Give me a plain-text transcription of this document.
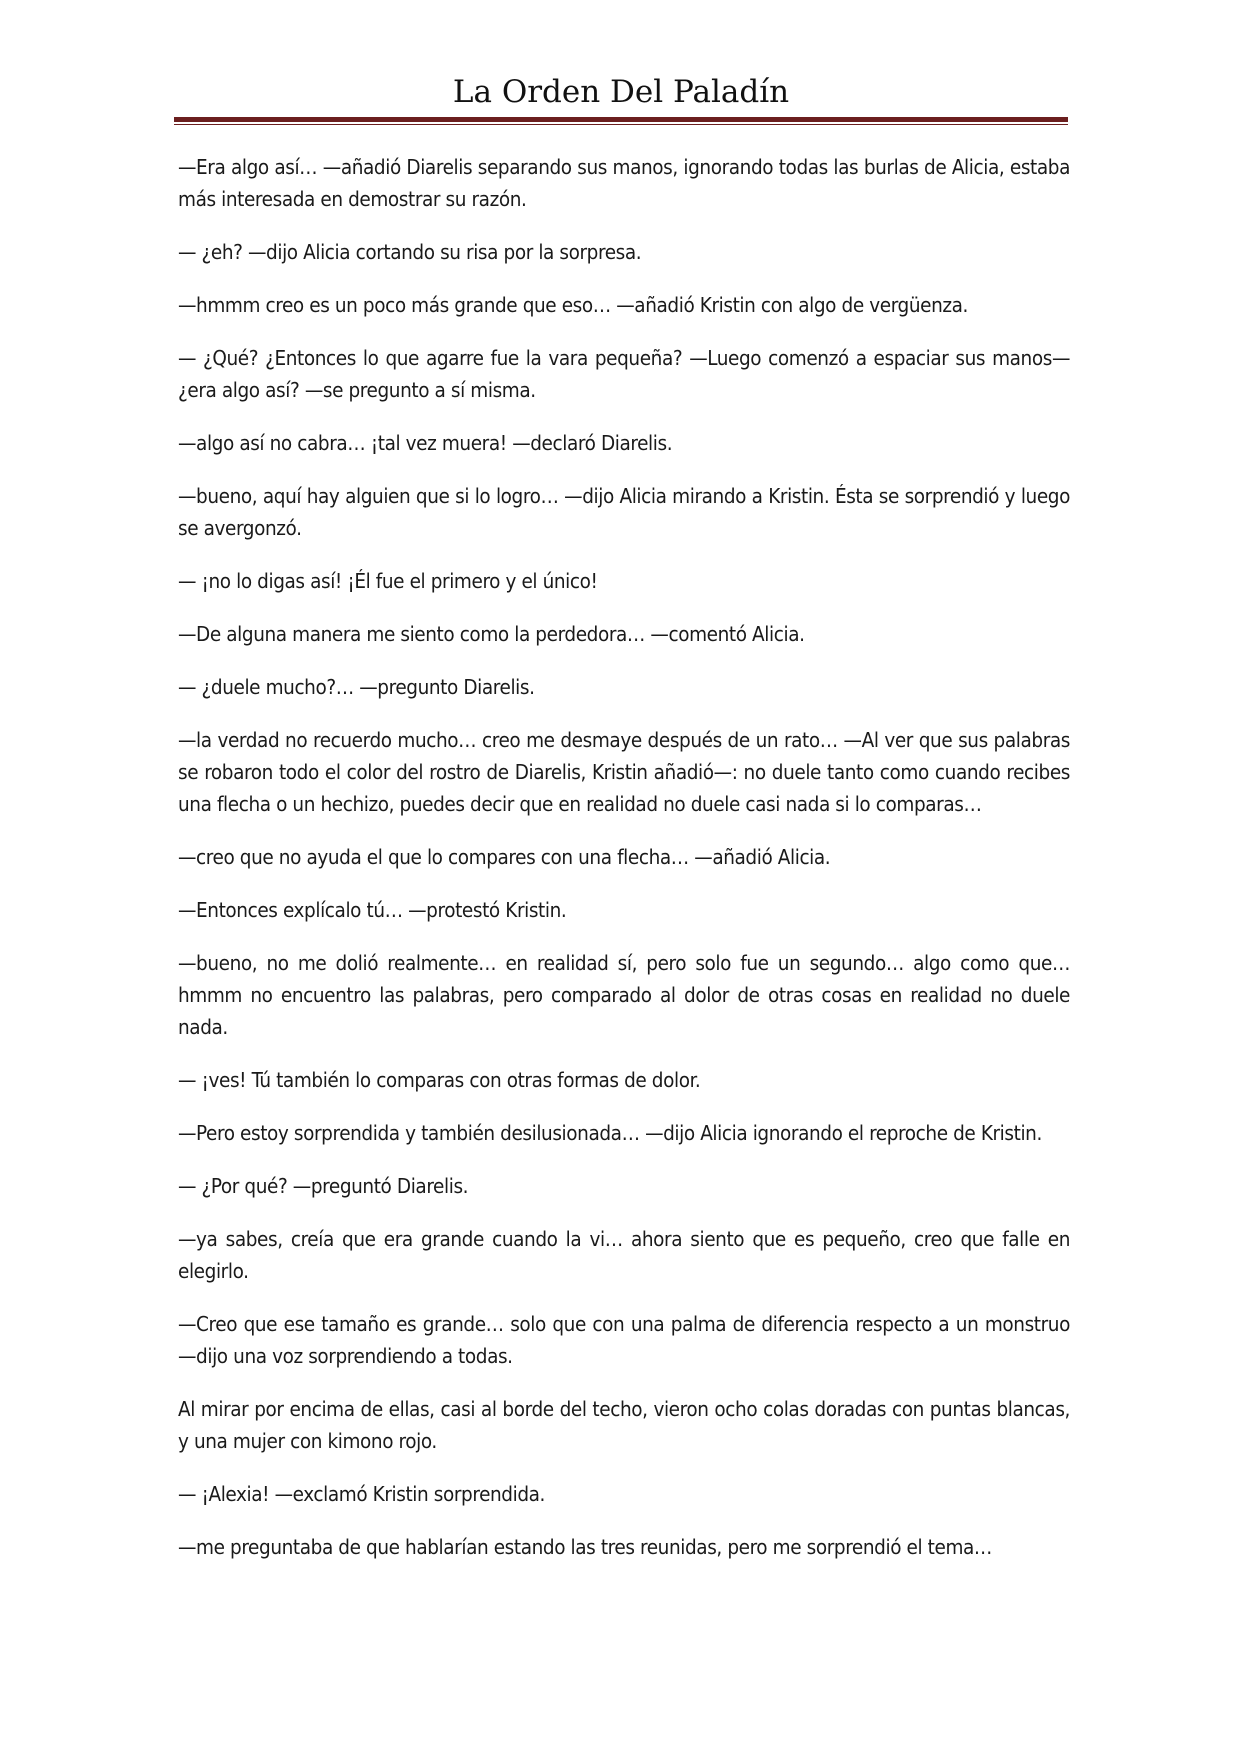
La Orden Del Paladín

—Era algo así… —añadió Diarelis separando sus manos, ignorando todas las burlas de Alicia, estaba más interesada en demostrar su razón.

— ¿eh? —dijo Alicia cortando su risa por la sorpresa.

—hmmm creo es un poco más grande que eso… —añadió Kristin con algo de vergüenza.

— ¿Qué? ¿Entonces lo que agarre fue la vara pequeña? —Luego comenzó a espaciar sus manos— ¿era algo así? —se pregunto a sí misma.

—algo así no cabra… ¡tal vez muera! —declaró Diarelis.

—bueno, aquí hay alguien que si lo logro… —dijo Alicia mirando a Kristin. Ésta se sorprendió y luego se avergonzó.

— ¡no lo digas así! ¡Él fue el primero y el único!

—De alguna manera me siento como la perdedora… —comentó Alicia.

— ¿duele mucho?… —pregunto Diarelis.

—la verdad no recuerdo mucho… creo me desmaye después de un rato… —Al ver que sus palabras se robaron todo el color del rostro de Diarelis, Kristin añadió—: no duele tanto como cuando recibes una flecha o un hechizo, puedes decir que en realidad no duele casi nada si lo comparas…

—creo que no ayuda el que lo compares con una flecha… —añadió Alicia.

—Entonces explícalo tú… —protestó Kristin.

—bueno, no me dolió realmente… en realidad sí, pero solo fue un segundo… algo como que… hmmm no encuentro las palabras, pero comparado al dolor de otras cosas en realidad no duele nada.

— ¡ves! Tú también lo comparas con otras formas de dolor.

—Pero estoy sorprendida y también desilusionada… —dijo Alicia ignorando el reproche de Kristin.

— ¿Por qué? —preguntó Diarelis.

—ya sabes, creía que era grande cuando la vi… ahora siento que es pequeño, creo que falle en elegirlo.

—Creo que ese tamaño es grande… solo que con una palma de diferencia respecto a un monstruo —dijo una voz sorprendiendo a todas.

Al mirar por encima de ellas, casi al borde del techo, vieron ocho colas doradas con puntas blancas, y una mujer con kimono rojo.

— ¡Alexia! —exclamó Kristin sorprendida.

—me preguntaba de que hablarían estando las tres reunidas, pero me sorprendió el tema…
